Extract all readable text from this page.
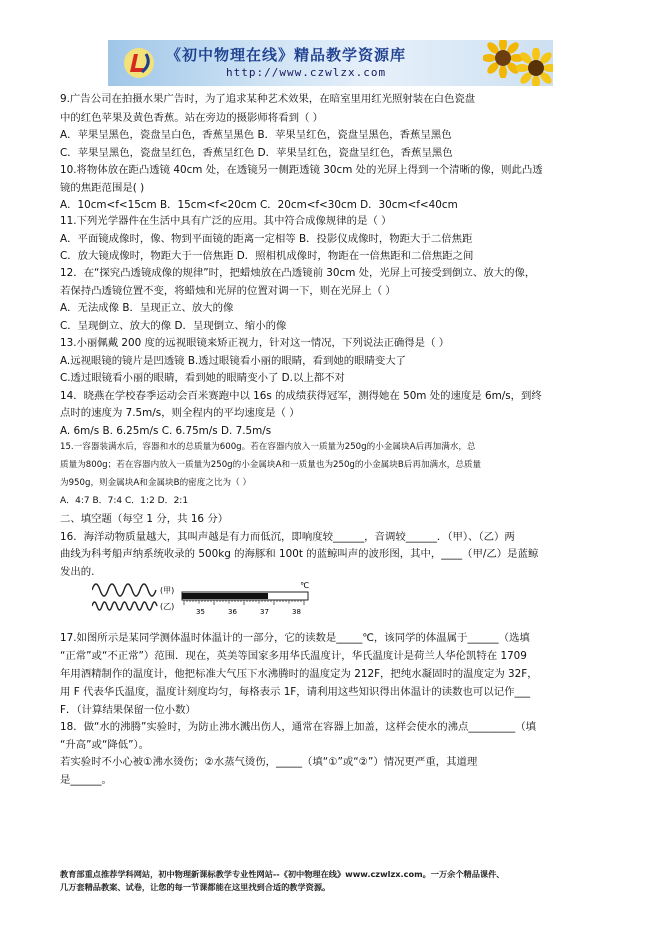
《初中物理在线》精品教学资源库
http://www.czwlzx.com
9.广告公司在拍摄水果广告时，为了追求某种艺术效果，在暗室里用红光照射装在白色瓷盘
中的红色苹果及黄色香蕉。站在旁边的摄影师将看到（ ）
A．苹果呈黑色，瓷盘呈白色，香蕉呈黑色 B．苹果呈红色，瓷盘呈黑色，香蕉呈黑色
C．苹果呈黑色，瓷盘呈红色，香蕉呈红色 D．苹果呈红色，瓷盘呈红色，香蕉呈黑色
10.将物体放在距凸透镜 40cm 处，在透镜另一侧距透镜 30cm 处的光屏上得到一个清晰的像，则此凸透
镜的焦距范围是( )
A．10cm<f<15cm B．15cm<f<20cm C．20cm<f<30cm D．30cm<f<40cm
11.下列光学器件在生活中具有广泛的应用。其中符合成像规律的是（ ）
A．平面镜成像时，像、物到平面镜的距离一定相等 B．投影仪成像时，物距大于二倍焦距
C．放大镜成像时，物距大于一倍焦距 D．照相机成像时，物距在一倍焦距和二倍焦距之间
12．在“探究凸透镜成像的规律”时，把蜡烛放在凸透镜前 30cm 处，光屏上可接受到倒立、放大的像，
若保持凸透镜位置不变，将蜡烛和光屏的位置对调一下，则在光屏上（ ）
A．无法成像 B．呈现正立、放大的像
C．呈现倒立、放大的像 D．呈现倒立、缩小的像
13.小丽佩戴 200 度的远视眼镜来矫正视力，针对这一情况，下列说法正确得是（ ）
A.远视眼镜的镜片是凹透镜 B.透过眼镜看小丽的眼睛，看到她的眼睛变大了
C.透过眼镜看小丽的眼睛，看到她的眼睛变小了 D.以上都不对
14．晓燕在学校春季运动会百米赛跑中以 16s 的成绩获得冠军，测得她在 50m 处的速度是 6m/s，到终
点时的速度为 7.5m/s，则全程内的平均速度是（ ）
A. 6m/s B. 6.25m/s C. 6.75m/s D. 7.5m/s
15.一容器装满水后，容器和水的总质量为600g。若在容器内放入一质量为250g的小金属块A后再加满水，总
质量为800g；若在容器内放入一质量为250g的小金属块A和一质量也为250g的小金属块B后再加满水，总质量
为950g，则金属块A和金属块B的密度之比为（ ）
A．4:7 B．7:4 C．1:2 D．2:1
二、填空题（每空 1 分，共 16 分）
16．海洋动物质量越大，其叫声越是有力而低沉，即响度较______，音调较______．（甲）、（乙）两
曲线为科考船声纳系统收录的 500kg 的海豚和 100t 的蓝鲸叫声的波形图，其中，____（甲/乙）是蓝鲸
发出的.
17.如图所示是某同学测体温时体温计的一部分，它的读数是_____℃，该同学的体温属于______（选填
“正常”或“不正常”）范围．现在，英美等国家多用华氏温度计，华氏温度计是荷兰人华伦凯特在 1709
年用酒精制作的温度计，他把标准大气压下水沸腾时的温度定为 212F，把纯水凝固时的温度定为 32F，
用 F 代表华氏温度，温度计刻度均匀，每格表示 1F，请利用这些知识得出体温计的读数也可以记作___
F．（计算结果保留一位小数）
18．做“水的沸腾”实验时，为防止沸水溅出伤人，通常在容器上加盖，这样会使水的沸点_________（填
“升高”或“降低”）。
若实验时不小心被①沸水烫伤；②水蒸气烫伤，_____（填“①”或“②”）情况更严重，其道理
是______。
(甲)
(乙)
℃
35	36	37	38
教育部重点推荐学科网站，初中物理新课标教学专业性网站--《初中物理在线》www.czwlzx.com。一万余个精品课件、
几万套精品教案、试卷，让您的每一节课都能在这里找到合适的教学资源。
